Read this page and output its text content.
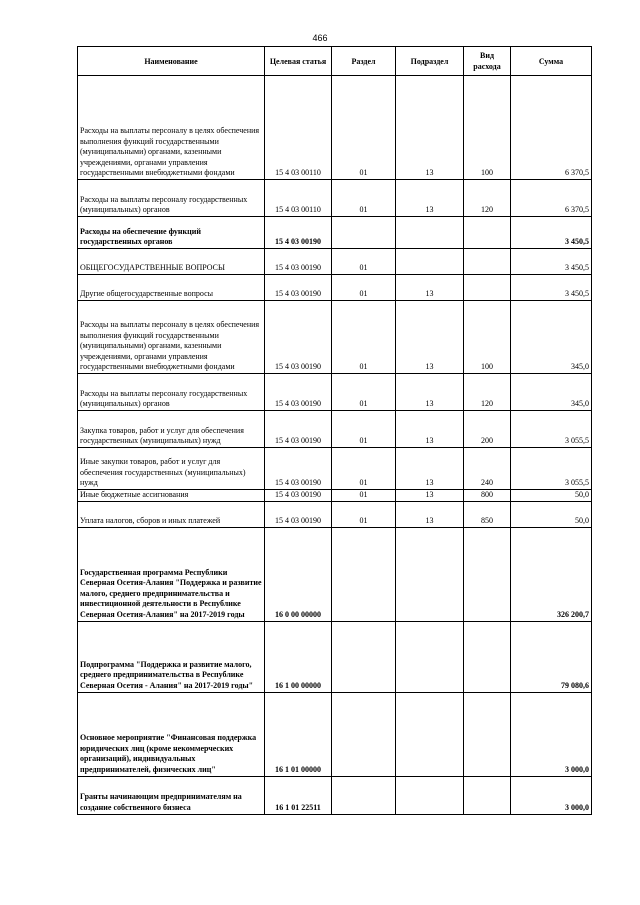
466
Наименование	Целевая статья	Раздел	Подраздел	Вид расхода	Сумма
Расходы на выплаты персоналу в целях обеспечения выполнения функций государственными (муниципальными) органами, казенными учреждениями, органами управления государственными внебюджетными фондами	15 4 03 00110	01	13	100	6 370,5
Расходы на выплаты персоналу государственных (муниципальных) органов	15 4 03 00110	01	13	120	6 370,5
Расходы на обеспечение функций государственных органов	15 4 03 00190				3 450,5
ОБЩЕГОСУДАРСТВЕННЫЕ ВОПРОСЫ	15 4 03 00190	01			3 450,5
Другие общегосударственные вопросы	15 4 03 00190	01	13		3 450,5
Расходы на выплаты персоналу в целях обеспечения выполнения функций государственными (муниципальными) органами, казенными учреждениями, органами управления государственными внебюджетными фондами	15 4 03 00190	01	13	100	345,0
Расходы на выплаты персоналу государственных (муниципальных) органов	15 4 03 00190	01	13	120	345,0
Закупка товаров, работ и услуг для обеспечения государственных (муниципальных) нужд	15 4 03 00190	01	13	200	3 055,5
Иные закупки товаров, работ и услуг для обеспечения государственных (муниципальных) нужд	15 4 03 00190	01	13	240	3 055,5
Иные бюджетные ассигнования	15 4 03 00190	01	13	800	50,0
Уплата налогов, сборов и иных платежей	15 4 03 00190	01	13	850	50,0
Государственная программа Республики Северная Осетия-Алания "Поддержка и развитие малого, среднего предпринимательства и инвестиционной деятельности в Республике Северная Осетия-Алания" на 2017-2019 годы	16 0 00 00000				326 200,7
Подпрограмма "Поддержка и развитие малого, среднего предпринимательства в Республике Северная Осетия - Алания" на 2017-2019 годы"	16 1 00 00000				79 080,6
Основное мероприятие "Финансовая поддержка юридических лиц (кроме некоммерческих организаций), индивидуальных предпринимателей, физических лиц"	16 1 01 00000				3 000,0
Гранты начинающим предпринимателям на создание собственного бизнеса	16 1 01 22511				3 000,0
